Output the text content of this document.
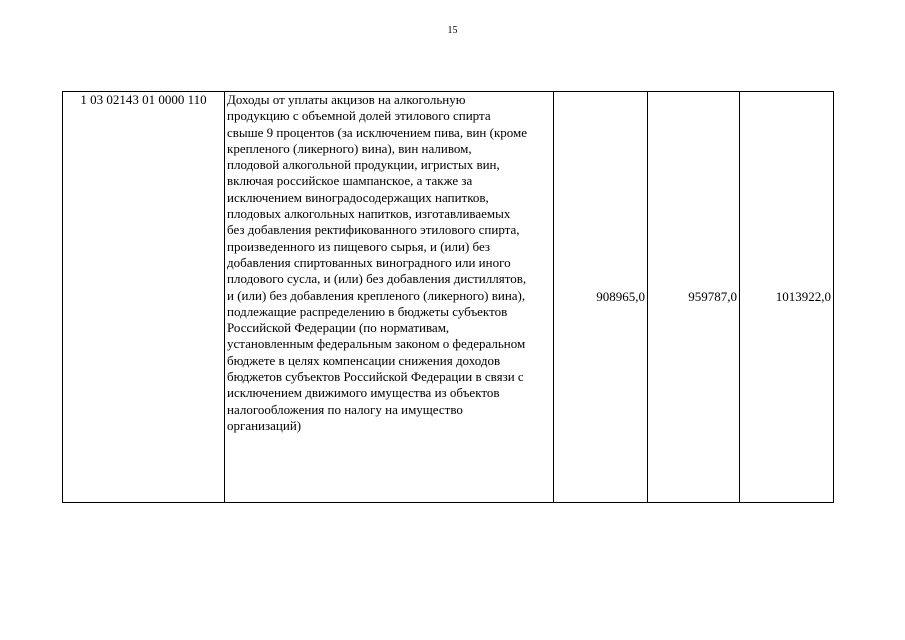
15
1 03 02143 01 0000 110	Доходы от уплаты акцизов на алкогольную
продукцию с объемной долей этилового спирта
свыше 9 процентов (за исключением пива, вин (кроме
крепленого (ликерного) вина), вин наливом,
плодовой алкогольной продукции, игристых вин,
включая российское шампанское, а также за
исключением виноградосодержащих напитков,
плодовых алкогольных напитков, изготавливаемых
без добавления ректификованного этилового спирта,
произведенного из пищевого сырья, и (или) без
добавления спиртованных виноградного или иного
плодового сусла, и (или) без добавления дистиллятов,
и (или) без добавления крепленого (ликерного) вина),
подлежащие распределению в бюджеты субъектов
Российской Федерации (по нормативам,
установленным федеральным законом о федеральном
бюджете в целях компенсации снижения доходов
бюджетов субъектов Российской Федерации в связи с
исключением движимого имущества из объектов
налогообложения по налогу на имущество
организаций)
	908965,0	959787,0	1013922,0
